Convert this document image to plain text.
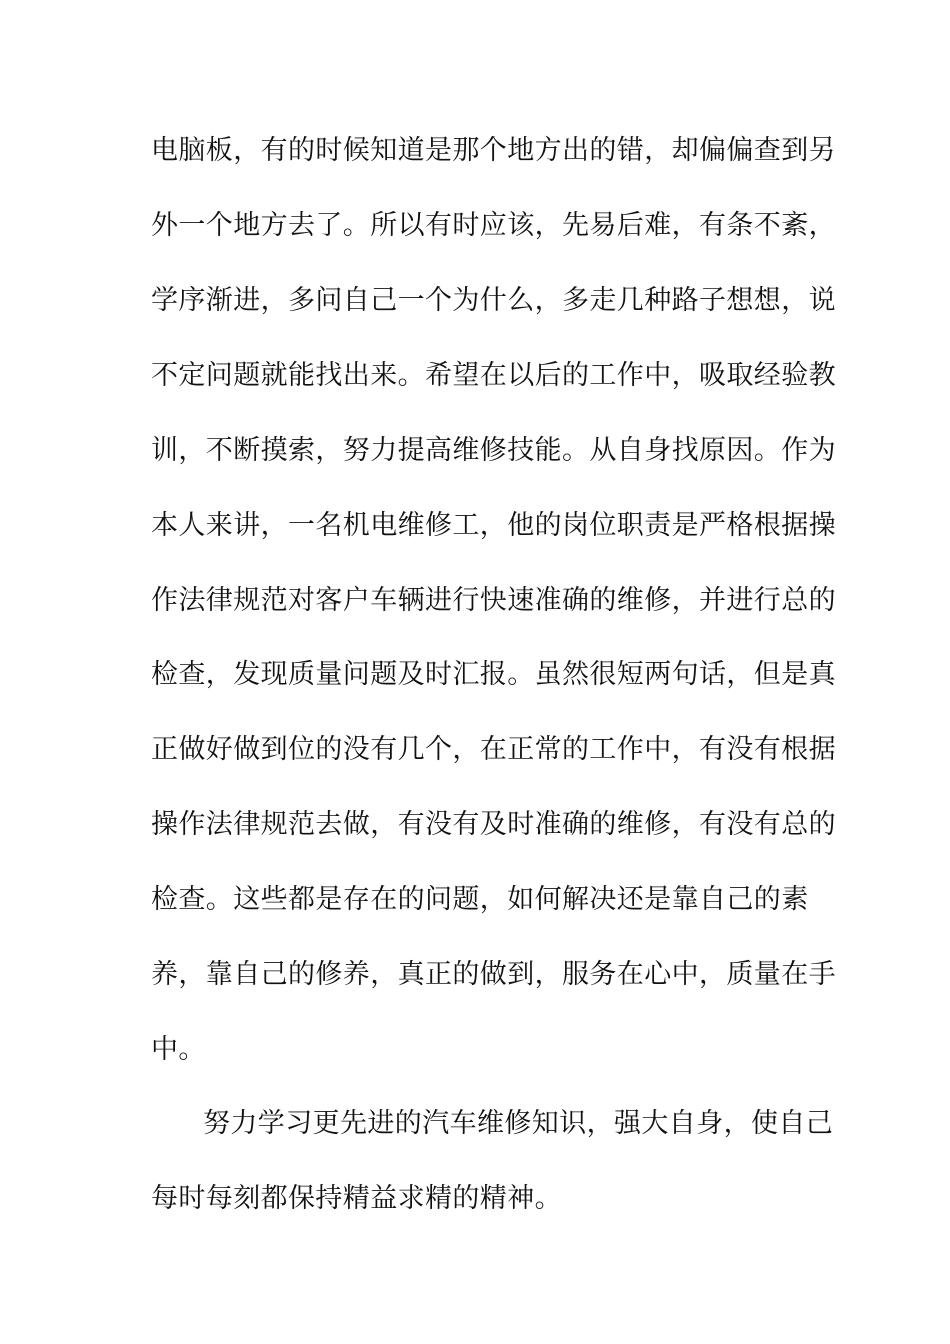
电脑板，有的时候知道是那个地方出的错，却偏偏查到另
外一个地方去了。所以有时应该，先易后难，有条不紊，
学序渐进，多问自己一个为什么，多走几种路子想想，说
不定问题就能找出来。希望在以后的工作中，吸取经验教
训，不断摸索，努力提高维修技能。从自身找原因。作为
本人来讲，一名机电维修工，他的岗位职责是严格根据操
作法律规范对客户车辆进行快速准确的维修，并进行总的
检查，发现质量问题及时汇报。虽然很短两句话，但是真
正做好做到位的没有几个，在正常的工作中，有没有根据
操作法律规范去做，有没有及时准确的维修，有没有总的
检查。这些都是存在的问题，如何解决还是靠自己的素
养，靠自己的修养，真正的做到，服务在心中，质量在手
中。
努力学习更先进的汽车维修知识，强大自身，使自己
每时每刻都保持精益求精的精神。
